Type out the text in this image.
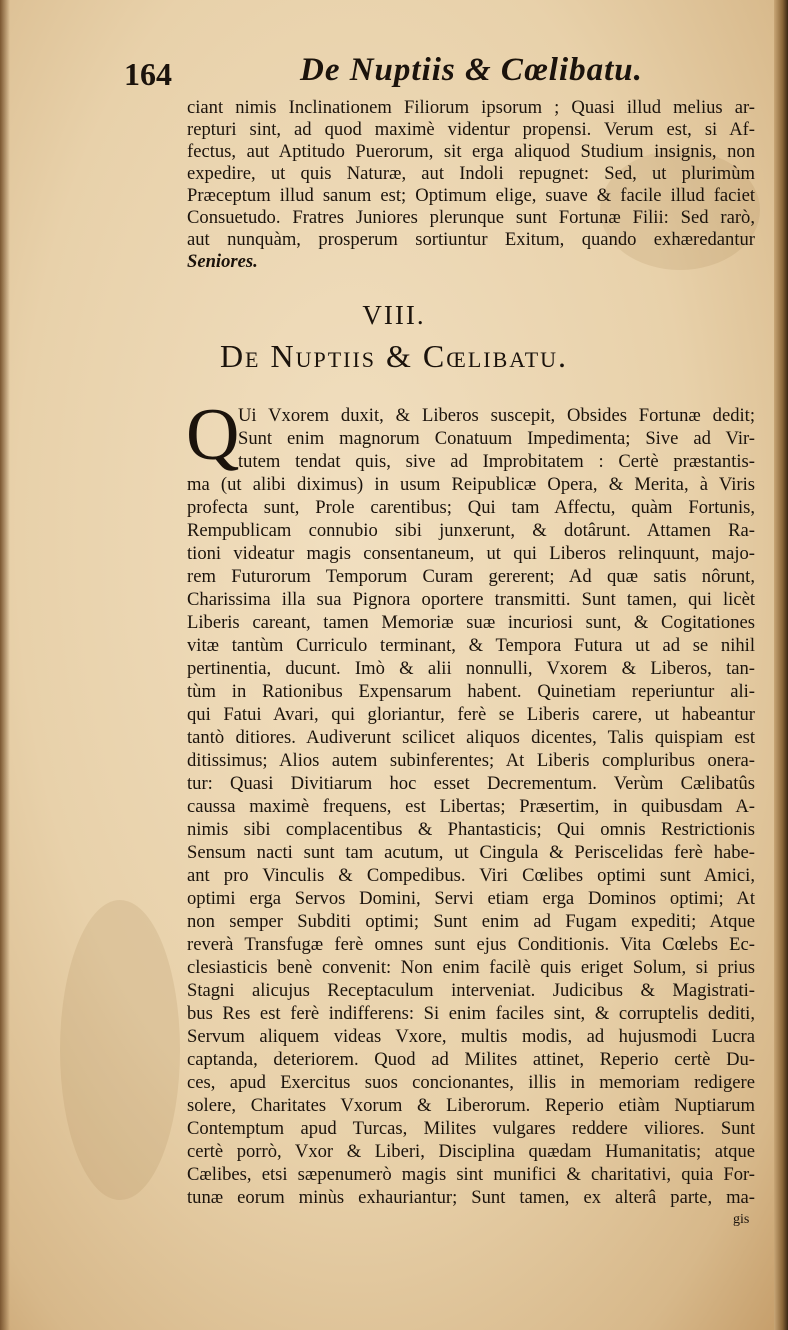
164	De Nuptiis & Cœlibatu.
ciant nimis Inclinationem Filiorum ipsorum ; Quasi illud melius ar-
repturi sint, ad quod maximè videntur propensi. Verum est, si Af-
fectus, aut Aptitudo Puerorum, sit erga aliquod Studium insignis, non
expedire, ut quis Naturæ, aut Indoli repugnet: Sed, ut plurimùm
Præceptum illud sanum est; Optimum elige, suave & facile illud faciet
Consuetudo. Fratres Juniores plerunque sunt Fortunæ Filii: Sed rarò,
aut nunquàm, prosperum sortiuntur Exitum, quando exhæredantur
Seniores.
VIII.
De Nuptiis & Cœlibatu.
Q
Ui Vxorem duxit, & Liberos suscepit, Obsides Fortunæ dedit;
Sunt enim magnorum Conatuum Impedimenta; Sive ad Vir-
tutem tendat quis, sive ad Improbitatem : Certè præstantis-
ma (ut alibi diximus) in usum Reipublicæ Opera, & Merita, à Viris
profecta sunt, Prole carentibus; Qui tam Affectu, quàm Fortunis,
Rempublicam connubio sibi junxerunt, & dotârunt. Attamen Ra-
tioni videatur magis consentaneum, ut qui Liberos relinquunt, majo-
rem Futurorum Temporum Curam gererent; Ad quæ satis nôrunt,
Charissima illa sua Pignora oportere transmitti. Sunt tamen, qui licèt
Liberis careant, tamen Memoriæ suæ incuriosi sunt, & Cogitationes
vitæ tantùm Curriculo terminant, & Tempora Futura ut ad se nihil
pertinentia, ducunt. Imò & alii nonnulli, Vxorem & Liberos, tan-
tùm in Rationibus Expensarum habent. Quinetiam reperiuntur ali-
qui Fatui Avari, qui gloriantur, ferè se Liberis carere, ut habeantur
tantò ditiores. Audiverunt scilicet aliquos dicentes, Talis quispiam est
ditissimus; Alios autem subinferentes; At Liberis compluribus onera-
tur: Quasi Divitiarum hoc esset Decrementum. Verùm Cælibatûs
caussa maximè frequens, est Libertas; Præsertim, in quibusdam A-
nimis sibi complacentibus & Phantasticis; Qui omnis Restrictionis
Sensum nacti sunt tam acutum, ut Cingula & Periscelidas ferè habe-
ant pro Vinculis & Compedibus. Viri Cœlibes optimi sunt Amici,
optimi erga Servos Domini, Servi etiam erga Dominos optimi; At
non semper Subditi optimi; Sunt enim ad Fugam expediti; Atque
reverà Transfugæ ferè omnes sunt ejus Conditionis. Vita Cœlebs Ec-
clesiasticis benè convenit: Non enim facilè quis eriget Solum, si prius
Stagni alicujus Receptaculum interveniat. Judicibus & Magistrati-
bus Res est ferè indifferens: Si enim faciles sint, & corruptelis dediti,
Servum aliquem videas Vxore, multis modis, ad hujusmodi Lucra
captanda, deteriorem. Quod ad Milites attinet, Reperio certè Du-
ces, apud Exercitus suos concionantes, illis in memoriam redigere
solere, Charitates Vxorum & Liberorum. Reperio etiàm Nuptiarum
Contemptum apud Turcas, Milites vulgares reddere viliores. Sunt
certè porrò, Vxor & Liberi, Disciplina quædam Humanitatis; atque
Cælibes, etsi sæpenumerò magis sint munifici & charitativi, quia For-
tunæ eorum minùs exhauriantur; Sunt tamen, ex alterâ parte, ma-
gis
